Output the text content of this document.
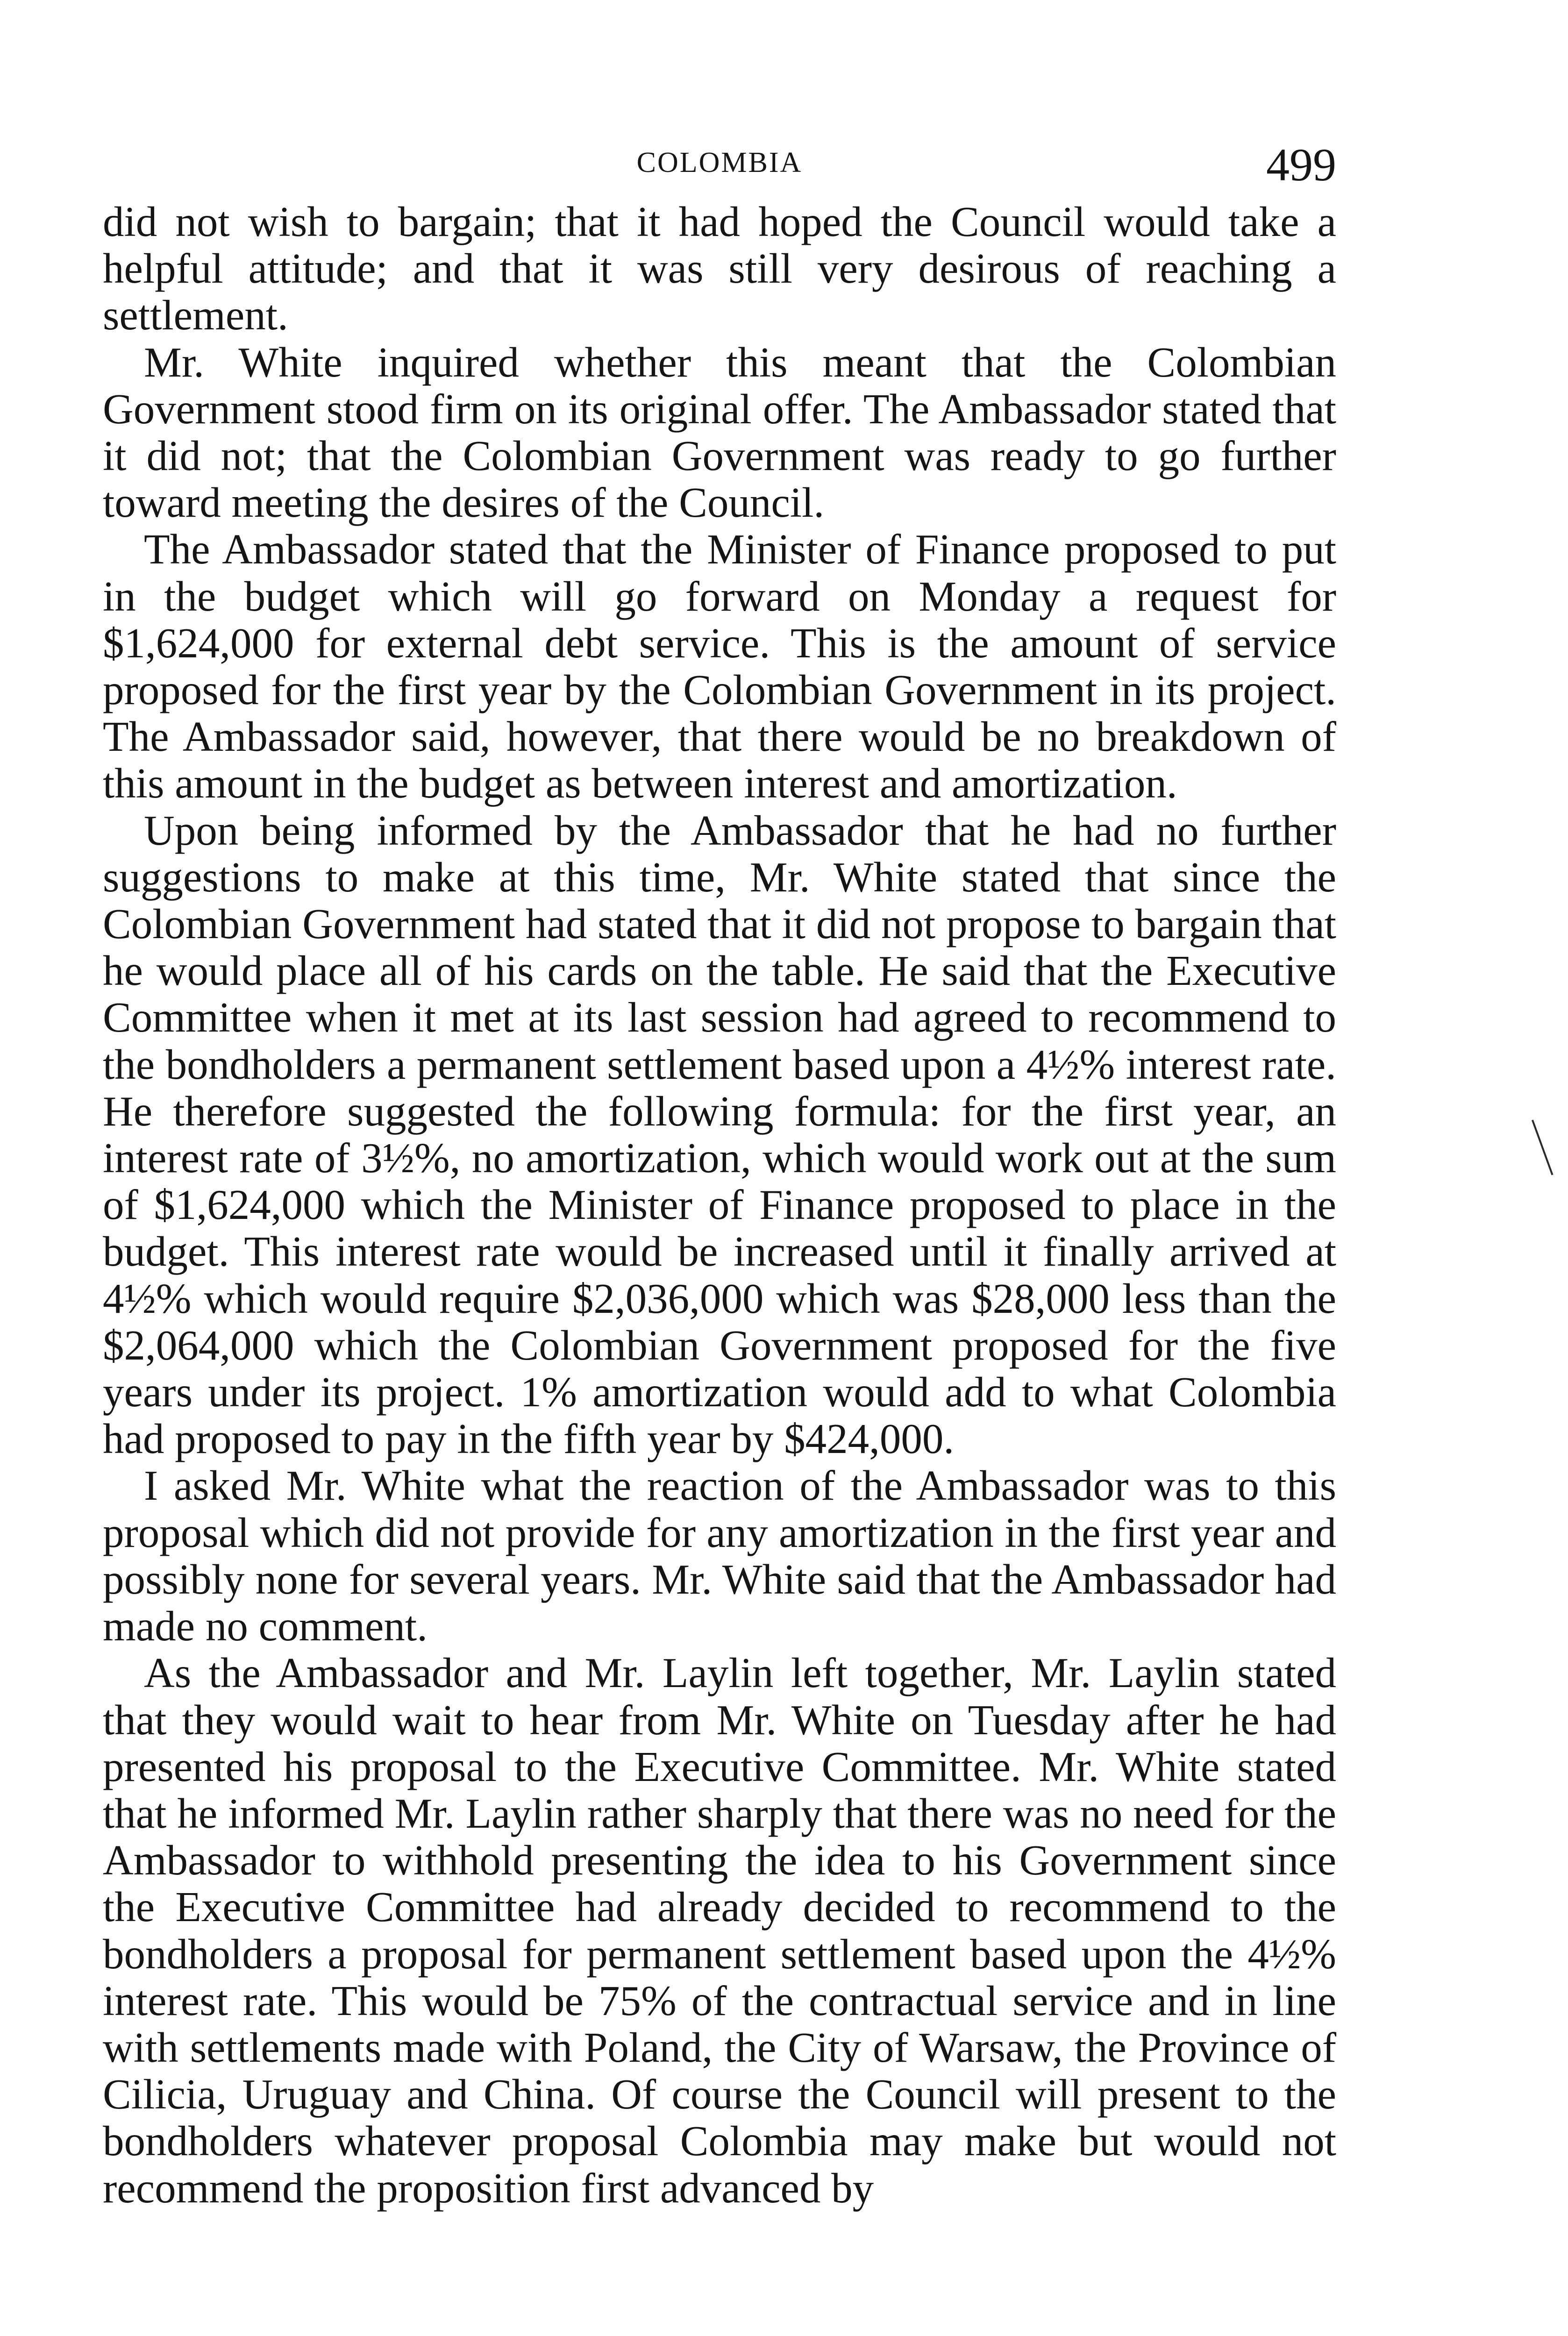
COLOMBIA	499

did not wish to bargain; that it had hoped the Council would take a helpful attitude; and that it was still very desirous of reaching a settlement.

Mr. White inquired whether this meant that the Colombian Government stood firm on its original offer. The Ambassador stated that it did not; that the Colombian Government was ready to go further toward meeting the desires of the Council.

The Ambassador stated that the Minister of Finance proposed to put in the budget which will go forward on Monday a request for $1,624,000 for external debt service. This is the amount of service proposed for the first year by the Colombian Government in its project. The Ambassador said, however, that there would be no breakdown of this amount in the budget as between interest and amortization.

Upon being informed by the Ambassador that he had no further suggestions to make at this time, Mr. White stated that since the Colombian Government had stated that it did not propose to bargain that he would place all of his cards on the table. He said that the Executive Committee when it met at its last session had agreed to recommend to the bondholders a permanent settlement based upon a 4½% interest rate. He therefore suggested the following formula: for the first year, an interest rate of 3½%, no amortization, which would work out at the sum of $1,624,000 which the Minister of Finance proposed to place in the budget. This interest rate would be increased until it finally arrived at 4½% which would require $2,036,000 which was $28,000 less than the $2,064,000 which the Colombian Government proposed for the five years under its project. 1% amortization would add to what Colombia had proposed to pay in the fifth year by $424,000.

I asked Mr. White what the reaction of the Ambassador was to this proposal which did not provide for any amortization in the first year and possibly none for several years. Mr. White said that the Ambassador had made no comment.

As the Ambassador and Mr. Laylin left together, Mr. Laylin stated that they would wait to hear from Mr. White on Tuesday after he had presented his proposal to the Executive Committee. Mr. White stated that he informed Mr. Laylin rather sharply that there was no need for the Ambassador to withhold presenting the idea to his Government since the Executive Committee had already decided to recommend to the bondholders a proposal for permanent settlement based upon the 4½% interest rate. This would be 75% of the contractual service and in line with settlements made with Poland, the City of Warsaw, the Province of Cilicia, Uruguay and China. Of course the Council will present to the bondholders whatever proposal Colombia may make but would not recommend the proposition first advanced by
